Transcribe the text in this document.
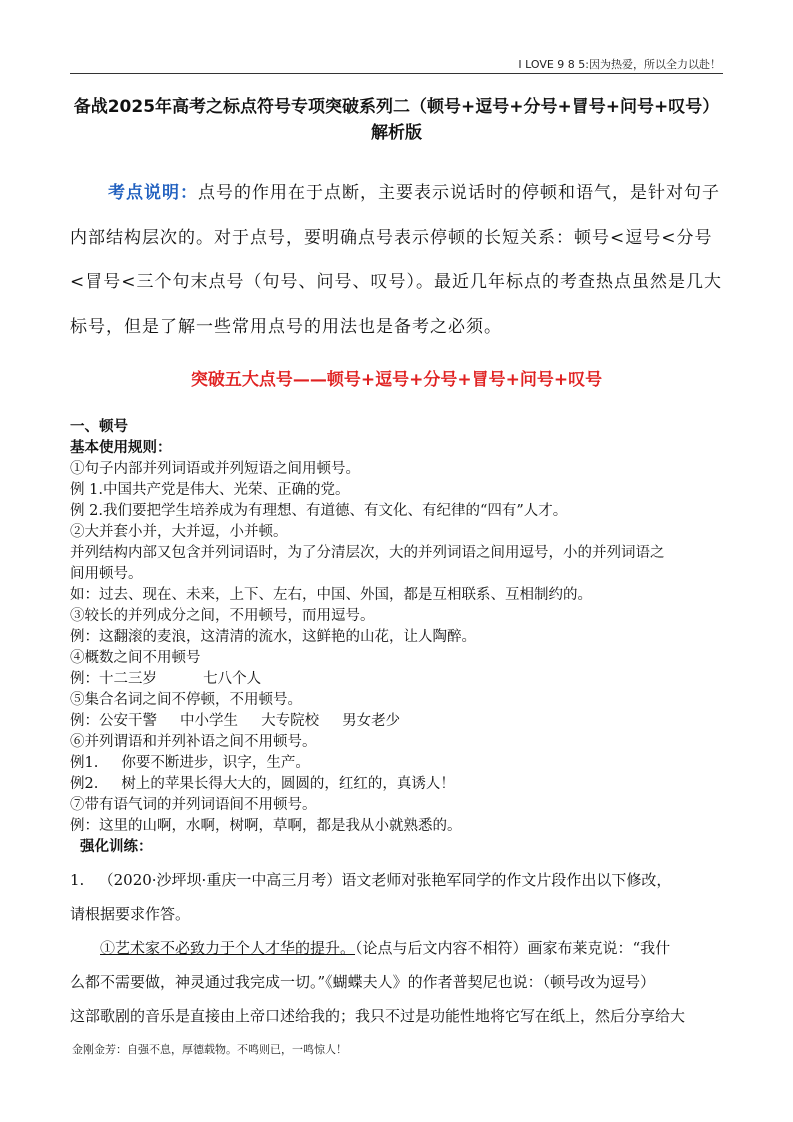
I LOVE 9 8 5:因为热爱，所以全力以赴！
备战2025年高考之标点符号专项突破系列二（顿号+逗号+分号+冒号+问号+叹号）
解析版
考点说明：点号的作用在于点断，主要表示说话时的停顿和语气，是针对句子内部结构层次的。对于点号，要明确点号表示停顿的长短关系：顿号<逗号<分号<冒号<三个句末点号（句号、问号、叹号）。最近几年标点的考查热点虽然是几大标号，但是了解一些常用点号的用法也是备考之必须。
突破五大点号——顿号+逗号+分号+冒号+问号+叹号
一、顿号
基本使用规则：
①句子内部并列词语或并列短语之间用顿号。
例 1.中国共产党是伟大、光荣、正确的党。
例 2.我们要把学生培养成为有理想、有道德、有文化、有纪律的“四有”人才。
②大并套小并，大并逗，小并顿。
并列结构内部又包含并列词语时，为了分清层次，大的并列词语之间用逗号，小的并列词语之
间用顿号。
如：过去、现在、未来，上下、左右，中国、外国，都是互相联系、互相制约的。
③较长的并列成分之间，不用顿号，而用逗号。
例：这翻滚的麦浪，这清清的流水，这鲜艳的山花，让人陶醉。
④概数之间不用顿号
例：十二三岁          七八个人
⑤集合名词之间不停顿，不用顿号。
例：公安干警     中小学生     大专院校     男女老少
⑥并列谓语和并列补语之间不用顿号。
例1.     你要不断进步，识字，生产。
例2.     树上的苹果长得大大的，圆圆的，红红的，真诱人！
⑦带有语气词的并列词语间不用顿号。
例：这里的山啊，水啊，树啊，草啊，都是我从小就熟悉的。
强化训练：
1.   （2020·沙坪坝·重庆一中高三月考）语文老师对张艳军同学的作文片段作出以下修改，
请根据要求作答。
①艺术家不必致力于个人才华的提升。（论点与后文内容不相符）画家布莱克说：“我什
么都不需要做，神灵通过我完成一切。”《蝴蝶夫人》的作者普契尼也说：（顿号改为逗号）
这部歌剧的音乐是直接由上帝口述给我的；我只不过是功能性地将它写在纸上，然后分享给大
金刚金芳：自强不息，厚德载物。不鸣则已，一鸣惊人！
